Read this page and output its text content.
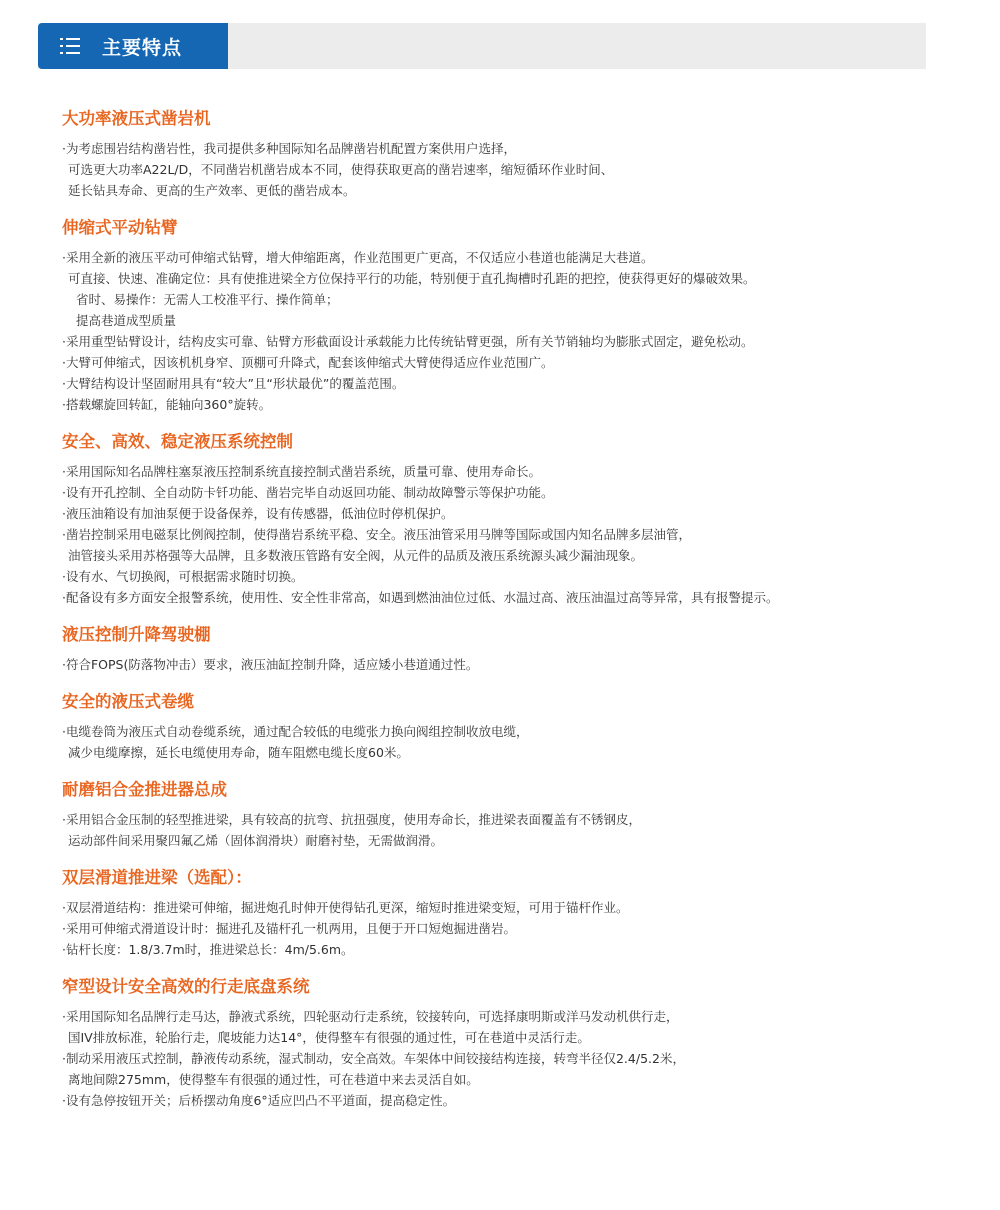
主要特点
大功率液压式凿岩机
·为考虑围岩结构凿岩性，我司提供多种国际知名品牌凿岩机配置方案供用户选择，
可选更大功率A22L/D，不同凿岩机凿岩成本不同，使得获取更高的凿岩速率，缩短循环作业时间、
延长钻具寿命、更高的生产效率、更低的凿岩成本。
伸缩式平动钻臂
·采用全新的液压平动可伸缩式钻臂，增大伸缩距离，作业范围更广更高，不仅适应小巷道也能满足大巷道。
可直接、快速、准确定位：具有使推进梁全方位保持平行的功能，特别便于直孔掏槽时孔距的把控，使获得更好的爆破效果。
省时、易操作：无需人工校准平行、操作简单；
提高巷道成型质量
·采用重型钻臂设计，结构皮实可靠、钻臂方形截面设计承载能力比传统钻臂更强，所有关节销轴均为膨胀式固定，避免松动。
·大臂可伸缩式，因该机机身窄、顶棚可升降式，配套该伸缩式大臂使得适应作业范围广。
·大臂结构设计坚固耐用具有“较大”且“形状最优”的覆盖范围。
·搭载螺旋回转缸，能轴向360°旋转。
安全、高效、稳定液压系统控制
·采用国际知名品牌柱塞泵液压控制系统直接控制式凿岩系统，质量可靠、使用寿命长。
·设有开孔控制、全自动防卡钎功能、凿岩完毕自动返回功能、制动故障警示等保护功能。
·液压油箱设有加油泵便于设备保养，设有传感器，低油位时停机保护。
·凿岩控制采用电磁泵比例阀控制，使得凿岩系统平稳、安全。液压油管采用马牌等国际或国内知名品牌多层油管，
油管接头采用苏格强等大品牌，且多数液压管路有安全阀，从元件的品质及液压系统源头减少漏油现象。
·设有水、气切换阀，可根据需求随时切换。
·配备设有多方面安全报警系统，使用性、安全性非常高，如遇到燃油油位过低、水温过高、液压油温过高等异常，具有报警提示。
液压控制升降驾驶棚
·符合FOPS(防落物冲击）要求，液压油缸控制升降，适应矮小巷道通过性。
安全的液压式卷缆
·电缆卷筒为液压式自动卷缆系统，通过配合较低的电缆张力换向阀组控制收放电缆，
减少电缆摩擦，延长电缆使用寿命，随车阻燃电缆长度60米。
耐磨铝合金推进器总成
·采用铝合金压制的轻型推进梁，具有较高的抗弯、抗扭强度，使用寿命长，推进梁表面覆盖有不锈钢皮，
运动部件间采用聚四氟乙烯（固体润滑块）耐磨衬垫，无需做润滑。
双层滑道推进梁（选配）：
·双层滑道结构：推进梁可伸缩，掘进炮孔时伸开使得钻孔更深，缩短时推进梁变短，可用于锚杆作业。
·采用可伸缩式滑道设计时：掘进孔及锚杆孔一机两用，且便于开口短炮掘进凿岩。
·钻杆长度：1.8/3.7m时，推进梁总长：4m/5.6m。
窄型设计安全高效的行走底盘系统
·采用国际知名品牌行走马达，静液式系统，四轮驱动行走系统，铰接转向，可选择康明斯或洋马发动机供行走，
国IV排放标准，轮胎行走，爬坡能力达14°，使得整车有很强的通过性，可在巷道中灵活行走。
·制动采用液压式控制，静液传动系统，湿式制动，安全高效。车架体中间铰接结构连接，转弯半径仅2.4/5.2米，
离地间隙275mm，使得整车有很强的通过性，可在巷道中来去灵活自如。
·设有急停按钮开关；后桥摆动角度6°适应凹凸不平道面，提高稳定性。
